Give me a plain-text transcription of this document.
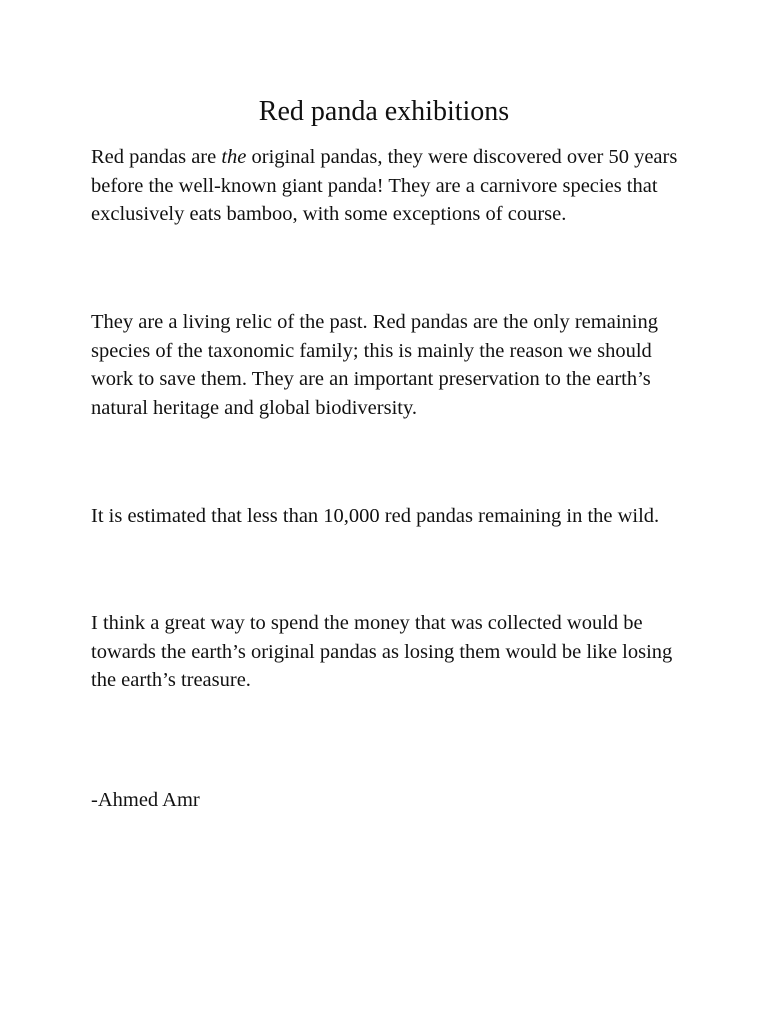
Red panda exhibitions

Red pandas are the original pandas, they were discovered over 50 years before the well-known giant panda! They are a carnivore species that exclusively eats bamboo, with some exceptions of course.

They are a living relic of the past. Red pandas are the only remaining species of the taxonomic family; this is mainly the reason we should work to save them. They are an important preservation to the earth’s natural heritage and global biodiversity.

It is estimated that less than 10,000 red pandas remaining in the wild.

I think a great way to spend the money that was collected would be towards the earth’s original pandas as losing them would be like losing the earth’s treasure.

-Ahmed Amr
